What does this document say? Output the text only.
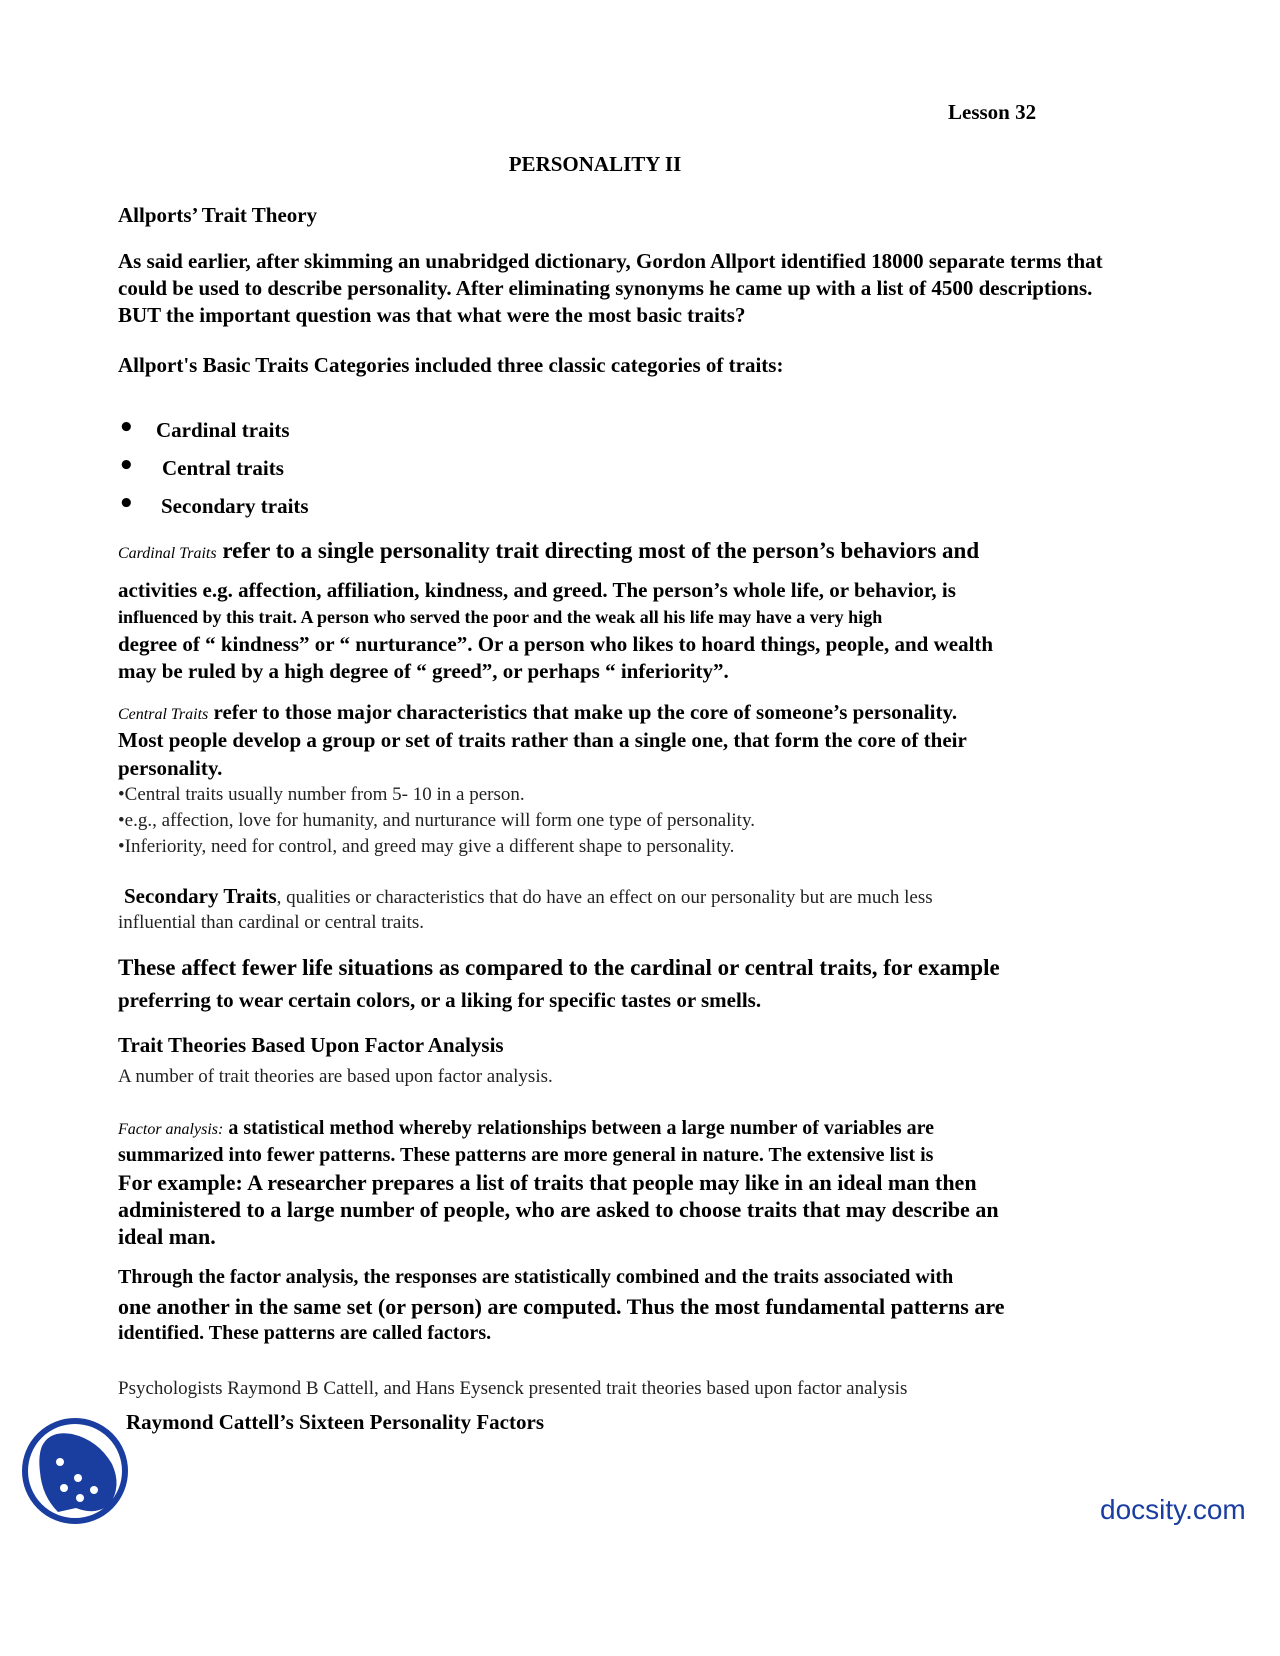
Lesson 32
PERSONALITY II
Allports’ Trait Theory
As said earlier, after skimming an unabridged dictionary, Gordon Allport identified 18000 separate terms that could be used to describe personality. After eliminating synonyms he came up with a list of 4500 descriptions. BUT the important question was that what were the most basic traits?
Allport's Basic Traits Categories included three classic categories of traits:
• Cardinal traits
• Central traits
• Secondary traits
Cardinal Traits refer to a single personality trait directing most of the person’s behaviors and
activities e.g. affection, affiliation, kindness, and greed. The person’s whole life, or behavior, is
influenced by this trait. A person who served the poor and the weak all his life may have a very high
degree of “ kindness” or “ nurturance”. Or a person who likes to hoard things, people, and wealth
may be ruled by a high degree of “ greed”, or perhaps “ inferiority”.
Central Traits refer to those major characteristics that make up the core of someone’s personality.
Most people develop a group or set of traits rather than a single one, that form the core of their
personality.
•Central traits usually number from 5- 10 in a person.
•e.g., affection, love for humanity, and nurturance will form one type of personality.
•Inferiority, need for control, and greed may give a different shape to personality.
Secondary Traits, qualities or characteristics that do have an effect on our personality but are much less
influential than cardinal or central traits.
These affect fewer life situations as compared to the cardinal or central traits, for example
preferring to wear certain colors, or a liking for specific tastes or smells.
Trait Theories Based Upon Factor Analysis
A number of trait theories are based upon factor analysis.
Factor analysis: a statistical method whereby relationships between a large number of variables are
summarized into fewer patterns. These patterns are more general in nature. The extensive list is
For example: A researcher prepares a list of traits that people may like in an ideal man then
administered to a large number of people, who are asked to choose traits that may describe an
ideal man.
Through the factor analysis, the responses are statistically combined and the traits associated with
one another in the same set (or person) are computed. Thus the most fundamental patterns are
identified. These patterns are called factors.
Psychologists Raymond B Cattell, and Hans Eysenck presented trait theories based upon factor analysis
Raymond Cattell’s Sixteen Personality Factors
docsity.com
